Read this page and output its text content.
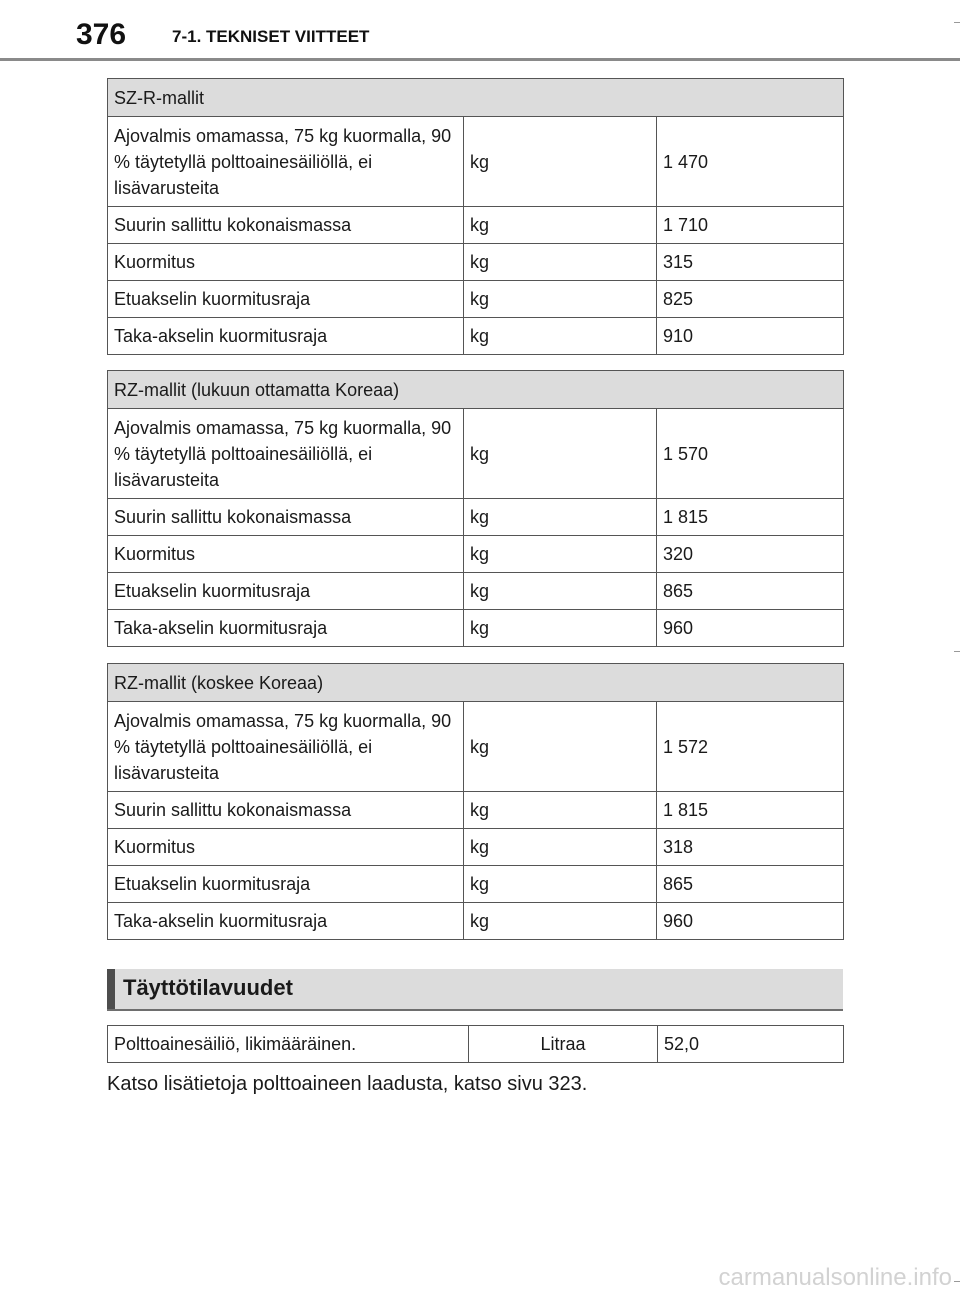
376	7-1. TEKNISET VIITTEET
SZ-R-mallit		
Ajovalmis omamassa, 75 kg kuormalla, 90 % täytetyllä polttoainesäiliöllä, ei lisävarusteita	kg	1 470
Suurin sallittu kokonaismassa	kg	1 710
Kuormitus	kg	315
Etuakselin kuormitusraja	kg	825
Taka-akselin kuormitusraja	kg	910
RZ-mallit (lukuun ottamatta Koreaa)		
Ajovalmis omamassa, 75 kg kuormalla, 90 % täytetyllä polttoainesäiliöllä, ei lisävarusteita	kg	1 570
Suurin sallittu kokonaismassa	kg	1 815
Kuormitus	kg	320
Etuakselin kuormitusraja	kg	865
Taka-akselin kuormitusraja	kg	960
RZ-mallit (koskee Koreaa)		
Ajovalmis omamassa, 75 kg kuormalla, 90 % täytetyllä polttoainesäiliöllä, ei lisävarusteita	kg	1 572
Suurin sallittu kokonaismassa	kg	1 815
Kuormitus	kg	318
Etuakselin kuormitusraja	kg	865
Taka-akselin kuormitusraja	kg	960
Täyttötilavuudet
Polttoainesäiliö, likimääräinen.	Litraa	52,0
Katso lisätietoja polttoaineen laadusta, katso sivu 323.
carmanualsonline.info
